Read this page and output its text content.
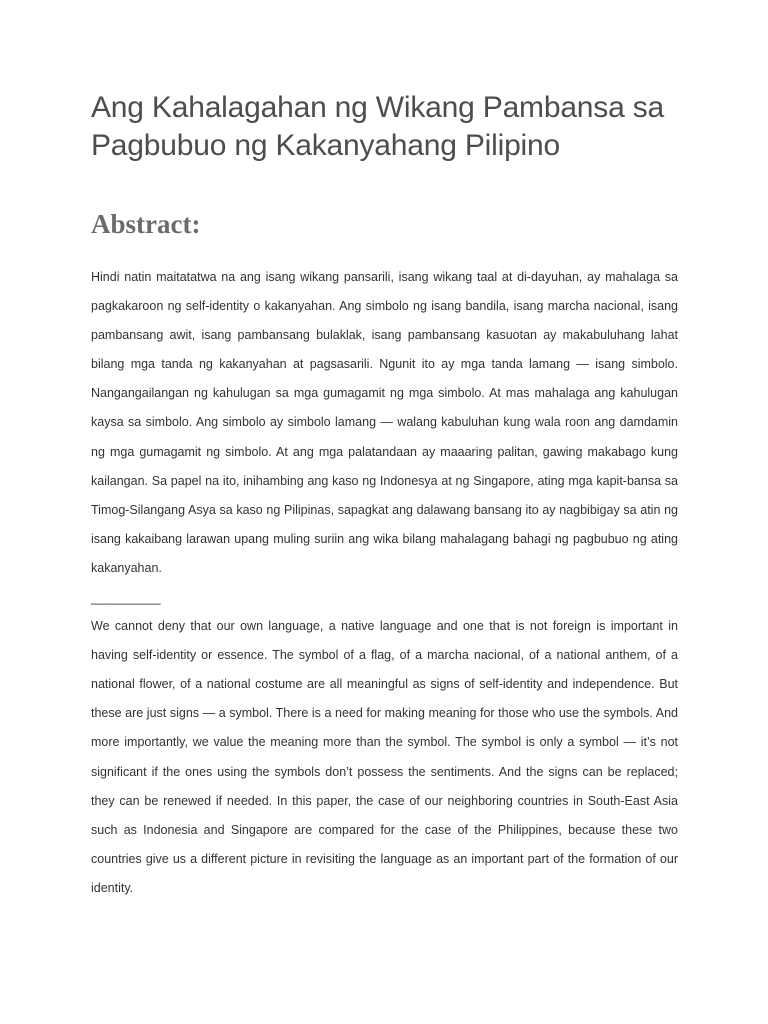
Ang Kahalagahan ng Wikang Pambansa sa Pagbubuo ng Kakanyahang Pilipino
Abstract:

Hindi natin maitatatwa na ang isang wikang pansarili, isang wikang taal at di-dayuhan, ay mahalaga sa pagkakaroon ng self-identity o kakanyahan. Ang simbolo ng isang bandila, isang marcha nacional, isang pambansang awit, isang pambansang bulaklak, isang pambansang kasuotan ay makabuluhang lahat bilang mga tanda ng kakanyahan at pagsasarili. Ngunit ito ay mga tanda lamang — isang simbolo. Nangangailangan ng kahulugan sa mga gumagamit ng mga simbolo. At mas mahalaga ang kahulugan kaysa sa simbolo. Ang simbolo ay simbolo lamang — walang kabuluhan kung wala roon ang damdamin ng mga gumagamit ng simbolo. At ang mga palatandaan ay maaaring palitan, gawing makabago kung kailangan. Sa papel na ito, inihambing ang kaso ng Indonesya at ng Singapore, ating mga kapit-bansa sa Timog-Silangang Asya sa kaso ng Pilipinas, sapagkat ang dalawang bansang ito ay nagbibigay sa atin ng isang kakaibang larawan upang muling suriin ang wika bilang mahalagang bahagi ng pagbubuo ng ating kakanyahan.

__________

We cannot deny that our own language, a native language and one that is not foreign is important in having self-identity or essence. The symbol of a flag, of a marcha nacional, of a national anthem, of a national flower, of a national costume are all meaningful as signs of self-identity and independence. But these are just signs — a symbol. There is a need for making meaning for those who use the symbols. And more importantly, we value the meaning more than the symbol. The symbol is only a symbol — it’s not significant if the ones using the symbols don’t possess the sentiments. And the signs can be replaced; they can be renewed if needed. In this paper, the case of our neighboring countries in South-East Asia such as Indonesia and Singapore are compared for the case of the Philippines, because these two countries give us a different picture in revisiting the language as an important part of the formation of our identity.
